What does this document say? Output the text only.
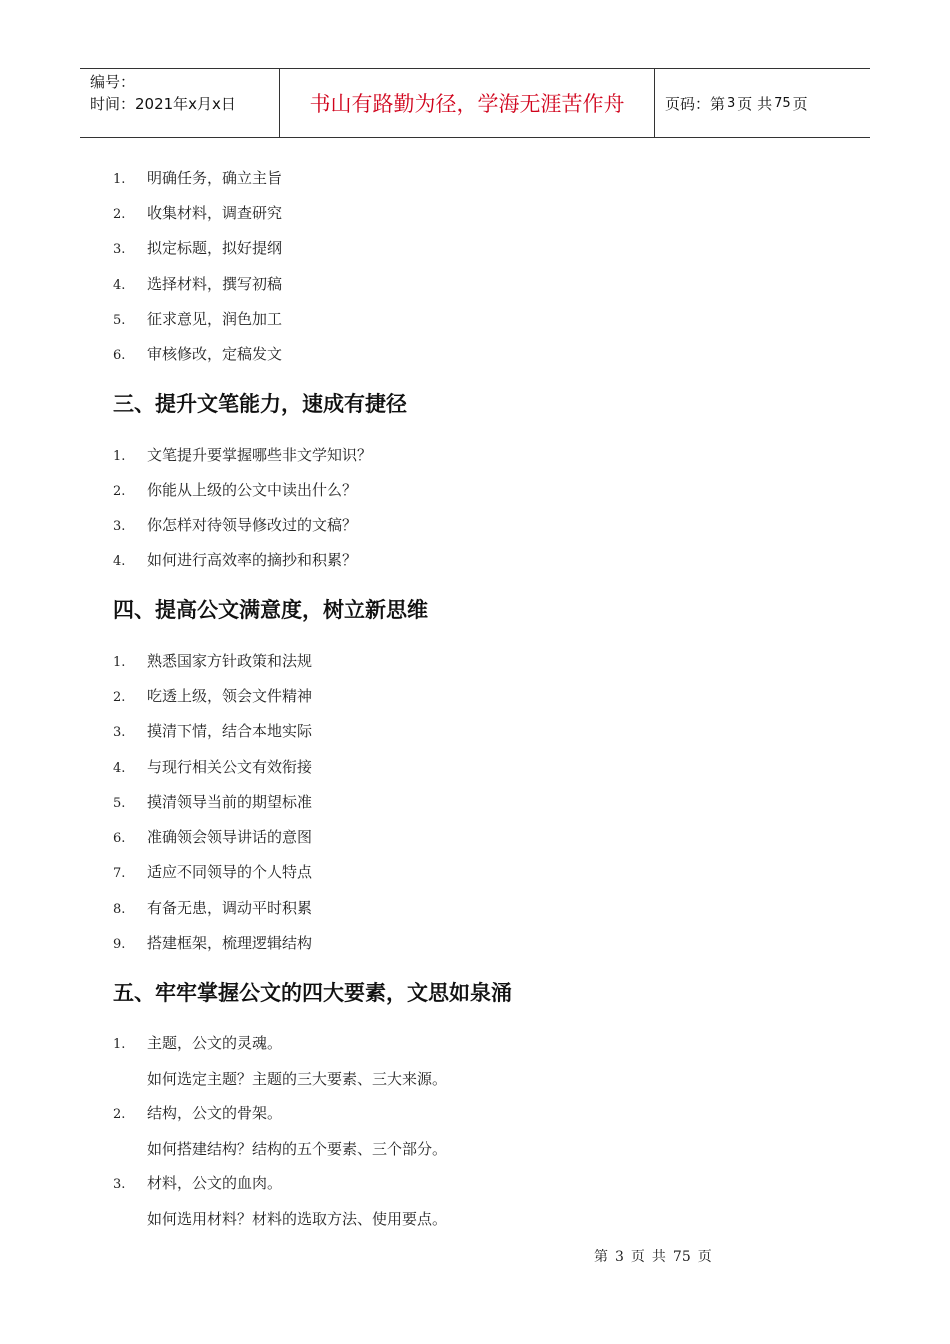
编号：
时间：2021年x月x日	书山有路勤为径，学海无涯苦作舟	页码：第 3 页 共 75 页
1. 明确任务，确立主旨
2. 收集材料，调查研究
3. 拟定标题，拟好提纲
4. 选择材料，撰写初稿
5. 征求意见，润色加工
6. 审核修改，定稿发文
三、提升文笔能力，速成有捷径
1. 文笔提升要掌握哪些非文学知识？
2. 你能从上级的公文中读出什么？
3. 你怎样对待领导修改过的文稿？
4. 如何进行高效率的摘抄和积累？
四、提高公文满意度，树立新思维
1. 熟悉国家方针政策和法规
2. 吃透上级，领会文件精神
3. 摸清下情，结合本地实际
4. 与现行相关公文有效衔接
5. 摸清领导当前的期望标准
6. 准确领会领导讲话的意图
7. 适应不同领导的个人特点
8. 有备无患，调动平时积累
9. 搭建框架，梳理逻辑结构
五、牢牢掌握公文的四大要素，文思如泉涌
1. 主题，公文的灵魂。
如何选定主题？主题的三大要素、三大来源。
2. 结构，公文的骨架。
如何搭建结构？结构的五个要素、三个部分。
3. 材料，公文的血肉。
如何选用材料？材料的选取方法、使用要点。
第 3 页 共 75 页
